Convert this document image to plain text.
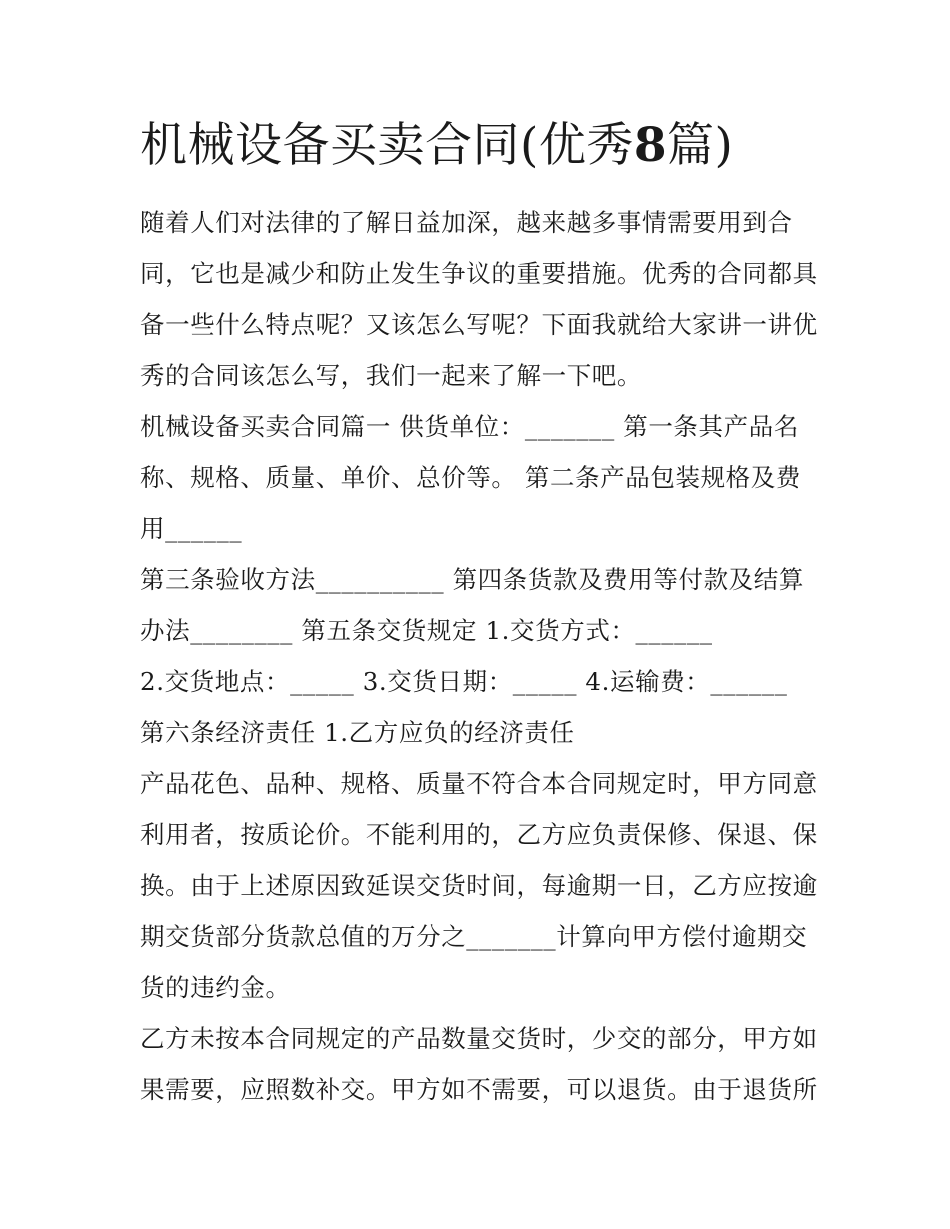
机械设备买卖合同(优秀8篇)

随着人们对法律的了解日益加深，越来越多事情需要用到合同，它也是减少和防止发生争议的重要措施。优秀的合同都具备一些什么特点呢？又该怎么写呢？下面我就给大家讲一讲优秀的合同该怎么写，我们一起来了解一下吧。

机械设备买卖合同篇一 供货单位：_______ 第一条其产品名称、规格、质量、单价、总价等。 第二条产品包装规格及费用______

第三条验收方法__________ 第四条货款及费用等付款及结算办法________ 第五条交货规定 1.交货方式：______

2.交货地点：_____ 3.交货日期：_____ 4.运输费：______ 第六条经济责任 1.乙方应负的经济责任

产品花色、品种、规格、质量不符合本合同规定时，甲方同意利用者，按质论价。不能利用的，乙方应负责保修、保退、保换。由于上述原因致延误交货时间，每逾期一日，乙方应按逾期交货部分货款总值的万分之_______计算向甲方偿付逾期交货的违约金。

乙方未按本合同规定的产品数量交货时，少交的部分，甲方如果需要，应照数补交。甲方如不需要，可以退货。由于退货所
